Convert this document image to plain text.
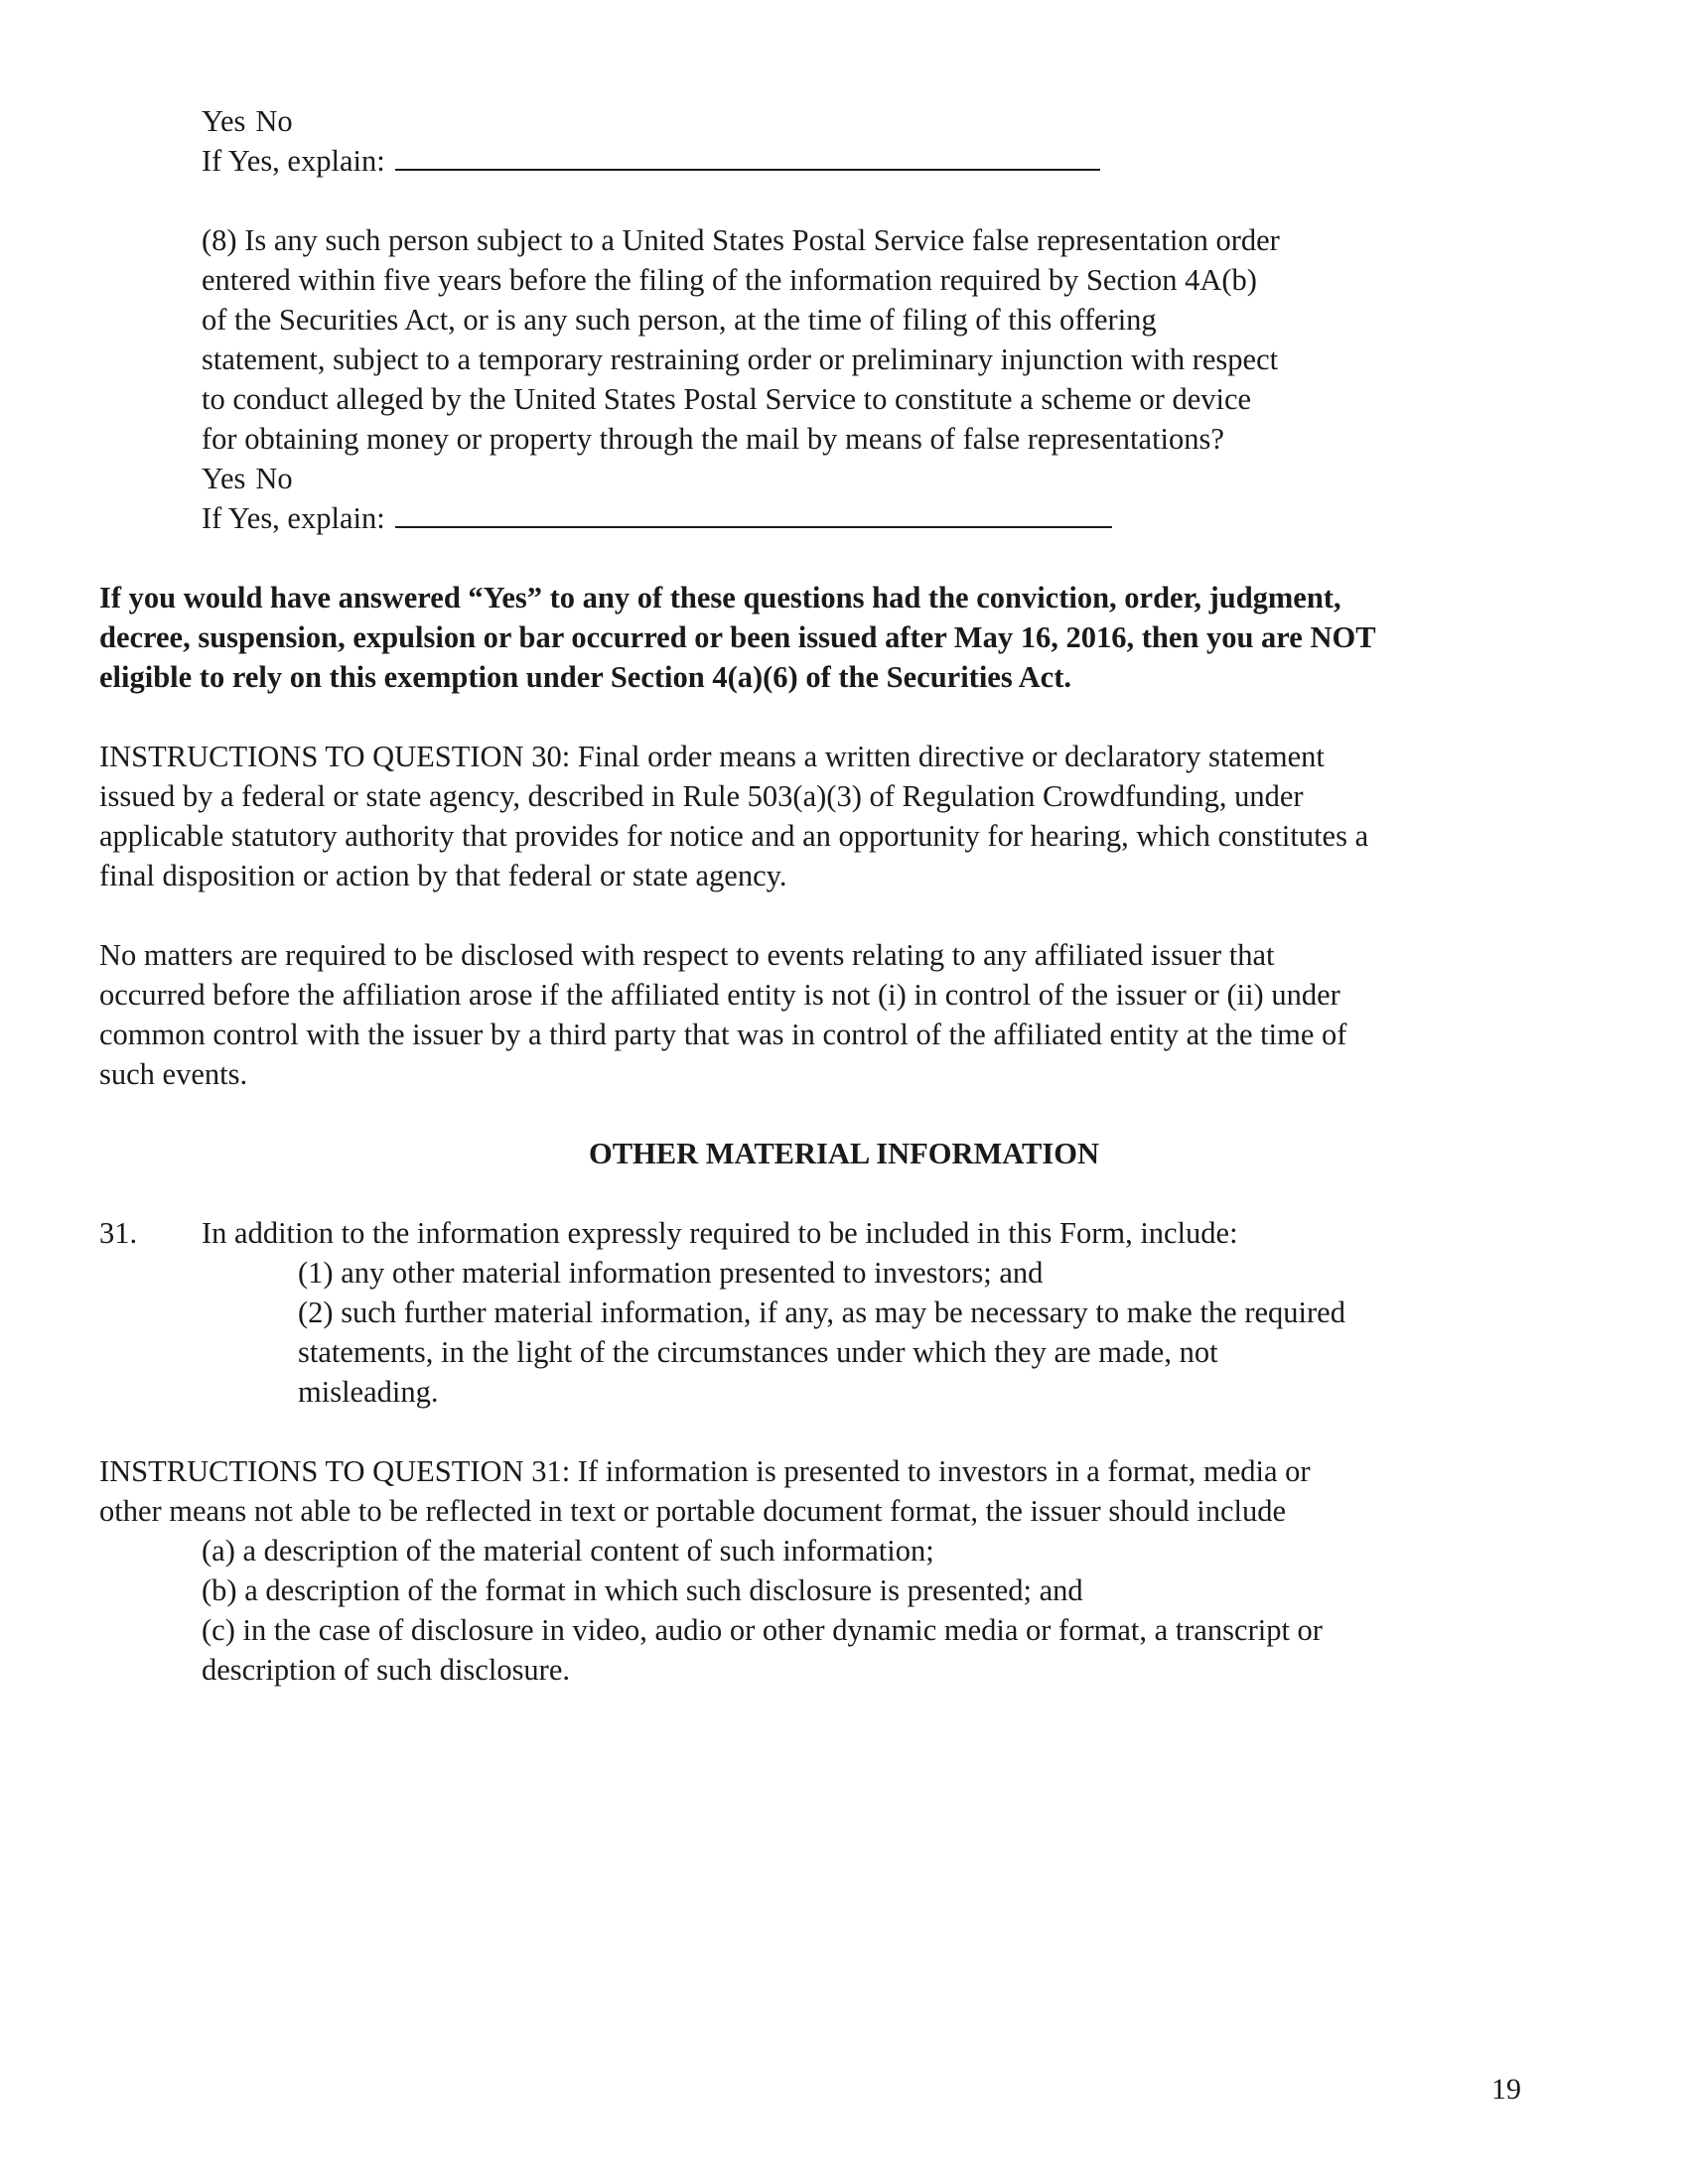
Yes No
If Yes, explain:
(8) Is any such person subject to a United States Postal Service false representation order
entered within five years before the filing of the information required by Section 4A(b)
of the Securities Act, or is any such person, at the time of filing of this offering
statement, subject to a temporary restraining order or preliminary injunction with respect
to conduct alleged by the United States Postal Service to constitute a scheme or device
for obtaining money or property through the mail by means of false representations?
Yes No
If Yes, explain:
If you would have answered “Yes” to any of these questions had the conviction, order, judgment,
decree, suspension, expulsion or bar occurred or been issued after May 16, 2016, then you are NOT
eligible to rely on this exemption under Section 4(a)(6) of the Securities Act.
INSTRUCTIONS TO QUESTION 30: Final order means a written directive or declaratory statement
issued by a federal or state agency, described in Rule 503(a)(3) of Regulation Crowdfunding, under
applicable statutory authority that provides for notice and an opportunity for hearing, which constitutes a
final disposition or action by that federal or state agency.
No matters are required to be disclosed with respect to events relating to any affiliated issuer that
occurred before the affiliation arose if the affiliated entity is not (i) in control of the issuer or (ii) under
common control with the issuer by a third party that was in control of the affiliated entity at the time of
such events.
OTHER MATERIAL INFORMATION
31. In addition to the information expressly required to be included in this Form, include:
(1) any other material information presented to investors; and
(2) such further material information, if any, as may be necessary to make the required
statements, in the light of the circumstances under which they are made, not
misleading.
INSTRUCTIONS TO QUESTION 31: If information is presented to investors in a format, media or
other means not able to be reflected in text or portable document format, the issuer should include
(a) a description of the material content of such information;
(b) a description of the format in which such disclosure is presented; and
(c) in the case of disclosure in video, audio or other dynamic media or format, a transcript or
description of such disclosure.
19
